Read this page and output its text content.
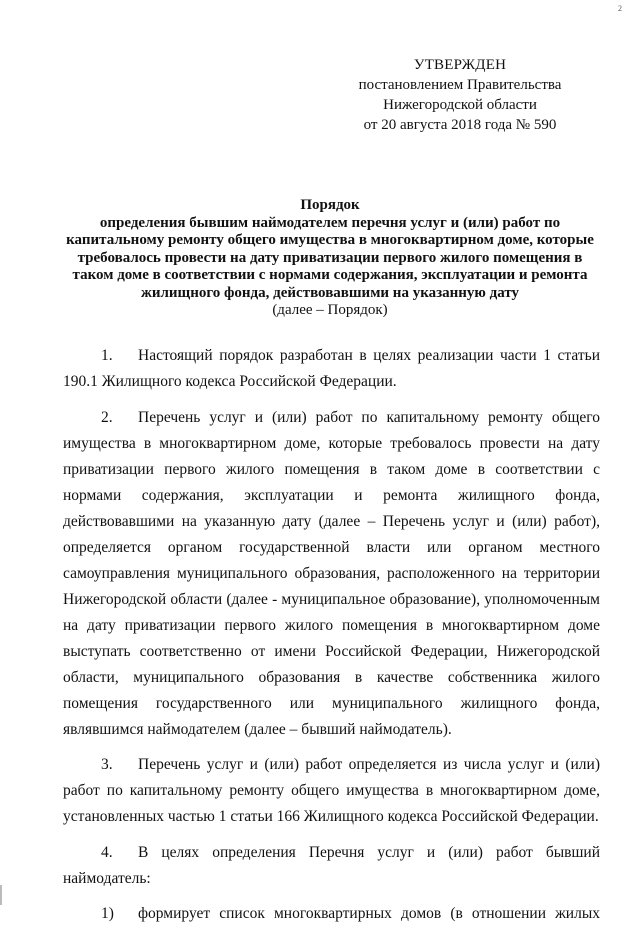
2
УТВЕРЖДЕН
постановлением Правительства
Нижегородской области
от 20 августа 2018 года № 590
Порядок
определения бывшим наймодателем перечня услуг и (или) работ по капитальному ремонту общего имущества в многоквартирном доме, которые требовалось провести на дату приватизации первого жилого помещения в таком доме в соответствии с нормами содержания, эксплуатации и ремонта жилищного фонда, действовавшими на указанную дату
(далее – Порядок)

1. Настоящий порядок разработан в целях реализации части 1 статьи 190.1 Жилищного кодекса Российской Федерации.

2. Перечень услуг и (или) работ по капитальному ремонту общего имущества в многоквартирном доме, которые требовалось провести на дату приватизации первого жилого помещения в таком доме в соответствии с нормами содержания, эксплуатации и ремонта жилищного фонда, действовавшими на указанную дату (далее – Перечень услуг и (или) работ), определяется органом государственной власти или органом местного самоуправления муниципального образования, расположенного на территории Нижегородской области (далее - муниципальное образование), уполномоченным на дату приватизации первого жилого помещения в многоквартирном доме выступать соответственно от имени Российской Федерации, Нижегородской области, муниципального образования в качестве собственника жилого помещения государственного или муниципального жилищного фонда, являвшимся наймодателем (далее – бывший наймодатель).

3. Перечень услуг и (или) работ определяется из числа услуг и (или) работ по капитальному ремонту общего имущества в многоквартирном доме, установленных частью 1 статьи 166 Жилищного кодекса Российской Федерации.

4. В целях определения Перечня услуг и (или) работ бывший наймодатель:

1) формирует список многоквартирных домов (в отношении жилых
